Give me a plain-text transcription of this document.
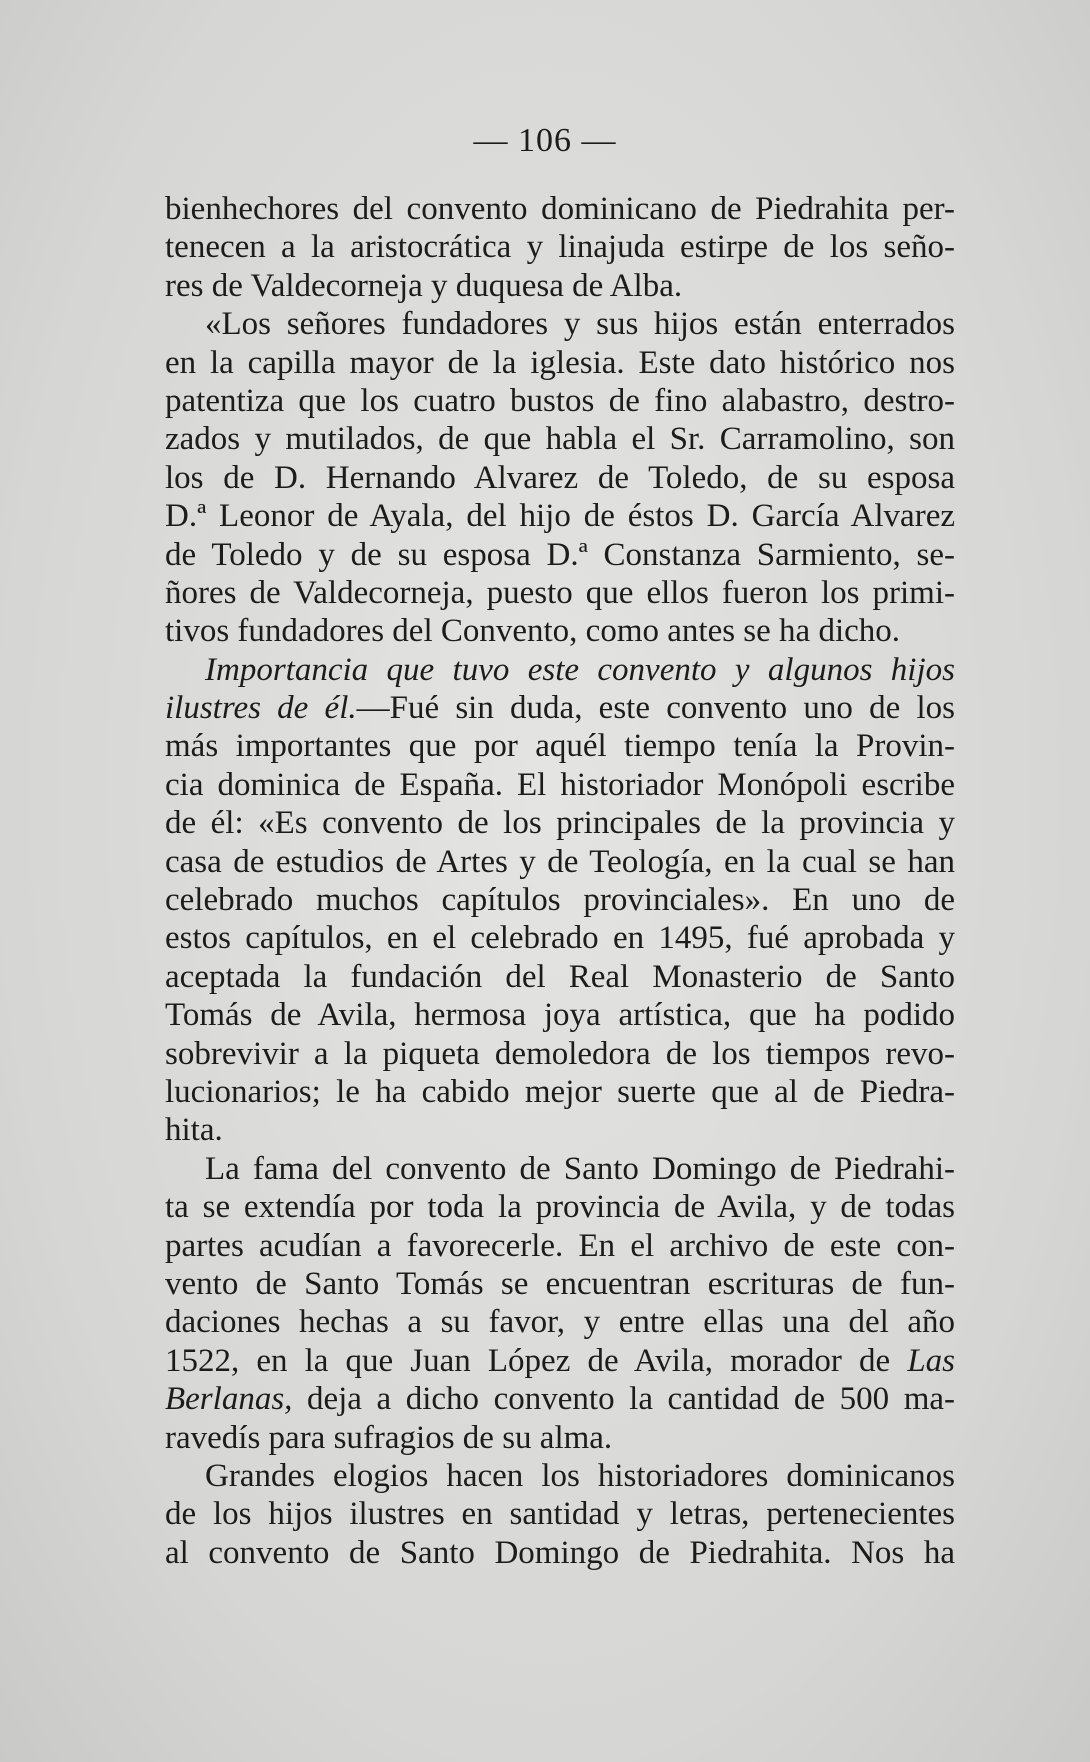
— 106 —

bienhechores del convento dominicano de Piedrahita per-
tenecen a la aristocrática y linajuda estirpe de los seño-
res de Valdecorneja y duquesa de Alba.

«Los señores fundadores y sus hijos están enterrados
en la capilla mayor de la iglesia. Este dato histórico nos
patentiza que los cuatro bustos de fino alabastro, destro-
zados y mutilados, de que habla el Sr. Carramolino, son
los de D. Hernando Alvarez de Toledo, de su esposa
D.ª Leonor de Ayala, del hijo de éstos D. García Alvarez
de Toledo y de su esposa D.ª Constanza Sarmiento, se-
ñores de Valdecorneja, puesto que ellos fueron los primi-
tivos fundadores del Convento, como antes se ha dicho.

Importancia que tuvo este convento y algunos hijos
ilustres de él.—Fué sin duda, este convento uno de los
más importantes que por aquél tiempo tenía la Provin-
cia dominica de España. El historiador Monópoli escribe
de él: «Es convento de los principales de la provincia y
casa de estudios de Artes y de Teología, en la cual se han
celebrado muchos capítulos provinciales». En uno de
estos capítulos, en el celebrado en 1495, fué aprobada y
aceptada la fundación del Real Monasterio de Santo
Tomás de Avila, hermosa joya artística, que ha podido
sobrevivir a la piqueta demoledora de los tiempos revo-
lucionarios; le ha cabido mejor suerte que al de Piedra-
hita.

La fama del convento de Santo Domingo de Piedrahi-
ta se extendía por toda la provincia de Avila, y de todas
partes acudían a favorecerle. En el archivo de este con-
vento de Santo Tomás se encuentran escrituras de fun-
daciones hechas a su favor, y entre ellas una del año
1522, en la que Juan López de Avila, morador de Las
Berlanas, deja a dicho convento la cantidad de 500 ma-
ravedís para sufragios de su alma.

Grandes elogios hacen los historiadores dominicanos
de los hijos ilustres en santidad y letras, pertenecientes
al convento de Santo Domingo de Piedrahita. Nos ha
